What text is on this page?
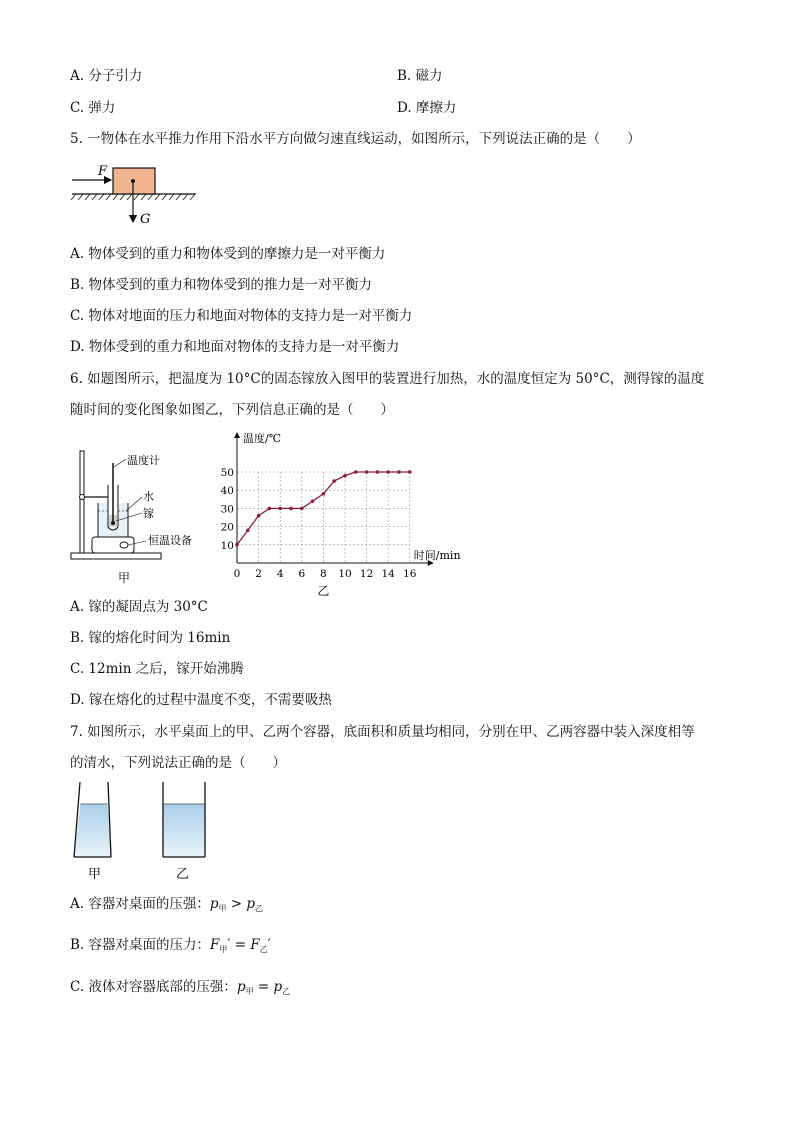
A. 分子引力	B. 磁力
C. 弹力	D. 摩擦力
5. 一物体在水平推力作用下沿水平方向做匀速直线运动，如图所示，下列说法正确的是（　　）
F
G
A. 物体受到的重力和物体受到的摩擦力是一对平衡力
B. 物体受到的重力和物体受到的推力是一对平衡力
C. 物体对地面的压力和地面对物体的支持力是一对平衡力
D. 物体受到的重力和地面对物体的支持力是一对平衡力
6. 如题图所示，把温度为 10°C的固态镓放入图甲的装置进行加热，水的温度恒定为 50°C，测得镓的温度
随时间的变化图象如图乙，下列信息正确的是（　　）
温度计
水
镓
恒温设备
甲
温度/℃
时间/min
0 2 4 6 8 10 12 14 16
10
20
30
40
50
乙
A. 镓的凝固点为 30°C
B. 镓的熔化时间为 16min
C. 12min 之后，镓开始沸腾
D. 镓在熔化的过程中温度不变，不需要吸热
7. 如图所示，水平桌面上的甲、乙两个容器，底面积和质量均相同，分别在甲、乙两容器中装入深度相等
的清水，下列说法正确的是（　　）
甲	乙
A. 容器对桌面的压强：$p_甲 > p_乙$
B. 容器对桌面的压力：$F_甲' = F_乙'$
C. 液体对容器底部的压强：$p_甲 = p_乙$
